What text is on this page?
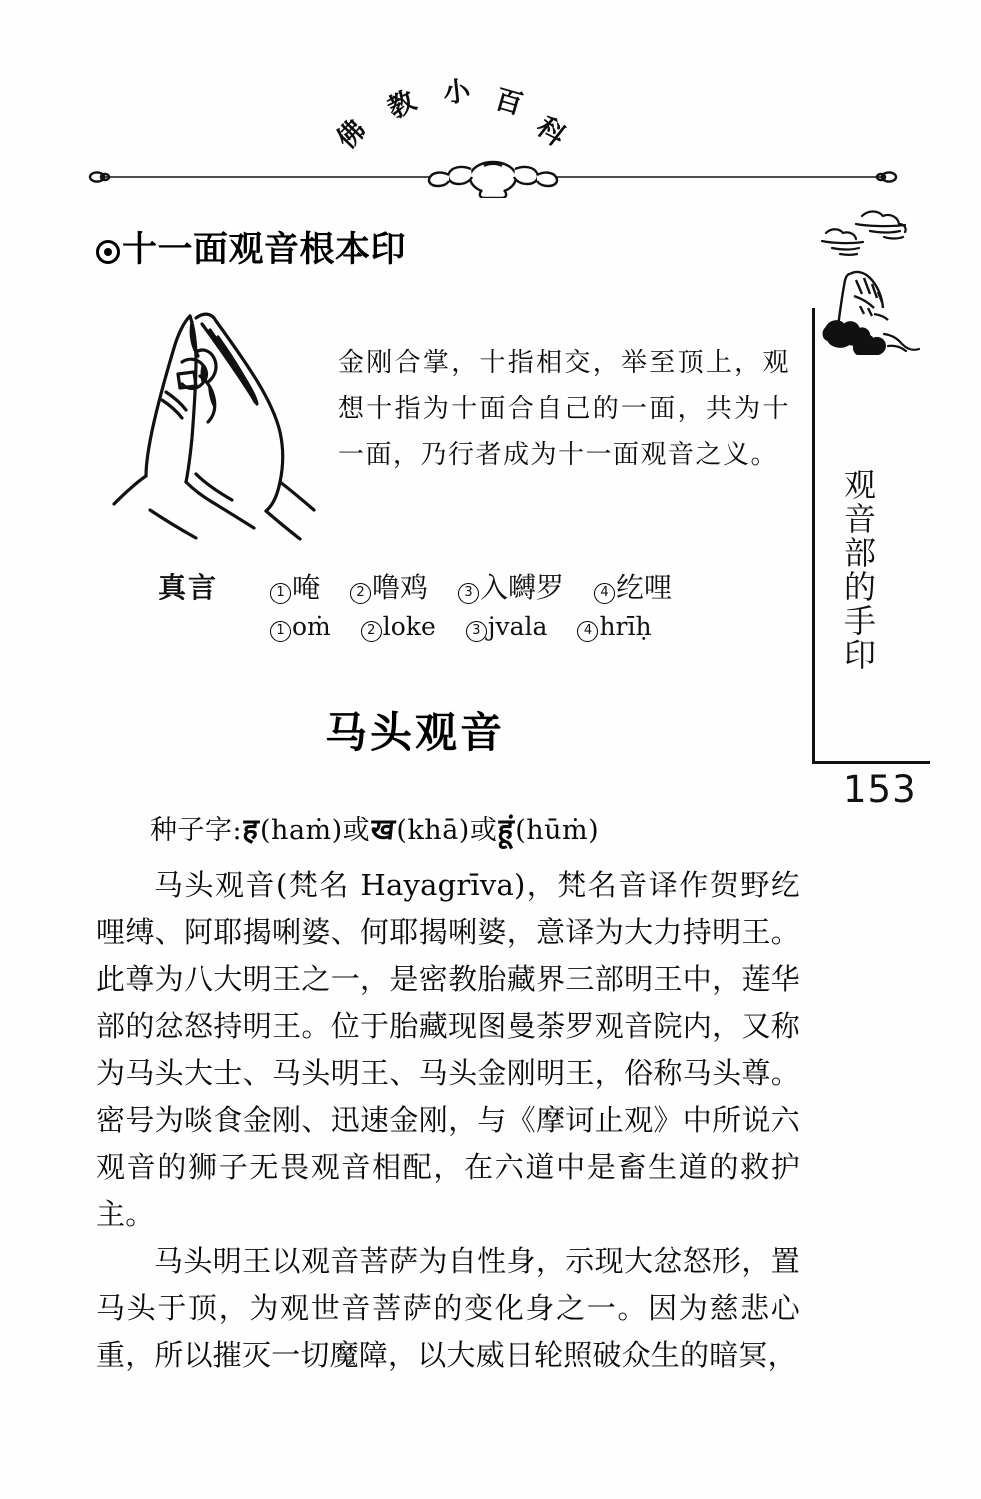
佛
教 小 百
科
十一面观音根本印
金刚合掌，十指相交，举至顶上，观想十指为十面合自己的一面，共为十一面，乃行者成为十一面观音之义。
真言	1 唵	2 噜鸡	3 入嚩罗	4 纥哩
1 oṁ	2 loke	3 jvala	4 hrīḥ
马头观音
种子字:ह(haṁ)或ख(khā)或हूं(hūṁ)

马头观音(梵名 Hayagrīva)，梵名音译作贺野纥哩缚、阿耶揭唎婆、何耶揭唎婆，意译为大力持明王。此尊为八大明王之一，是密教胎藏界三部明王中，莲华部的忿怒持明王。位于胎藏现图曼荼罗观音院内，又称为马头大士、马头明王、马头金刚明王，俗称马头尊。密号为啖食金刚、迅速金刚，与《摩诃止观》中所说六观音的狮子无畏观音相配，在六道中是畜生道的救护主。

马头明王以观音菩萨为自性身，示现大忿怒形，置马头于顶，为观世音菩萨的变化身之一。因为慈悲心重，所以摧灭一切魔障，以大威日轮照破众生的暗冥，

观音部的手印
153
